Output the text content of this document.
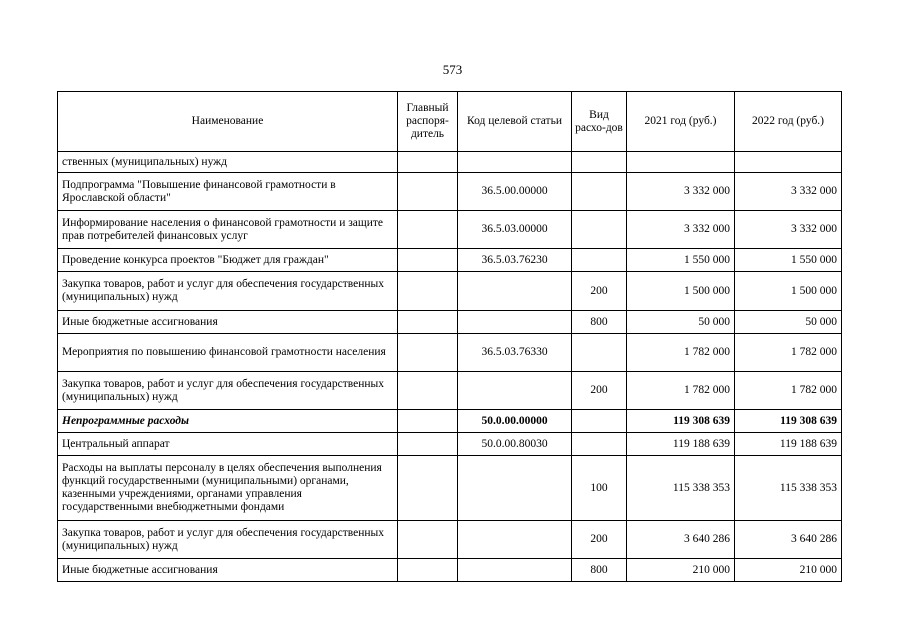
573
Наименование	Главный распоря-дитель	Код целевой статьи	Вид расхо-дов	2021 год (руб.)	2022 год (руб.)
ственных (муниципальных) нужд					
Подпрограмма "Повышение финансовой грамотности в Ярославской области"		36.5.00.00000		3 332 000	3 332 000
Информирование населения о финансовой грамотности и защите прав потребителей финансовых услуг		36.5.03.00000		3 332 000	3 332 000
Проведение конкурса проектов "Бюджет для граждан"		36.5.03.76230		1 550 000	1 550 000
Закупка товаров, работ и услуг для обеспечения государственных (муниципальных) нужд			200	1 500 000	1 500 000
Иные бюджетные ассигнования			800	50 000	50 000
Мероприятия по повышению финансовой грамотности населения		36.5.03.76330		1 782 000	1 782 000
Закупка товаров, работ и услуг для обеспечения государственных (муниципальных) нужд			200	1 782 000	1 782 000
Непрограммные расходы		50.0.00.00000		119 308 639	119 308 639
Центральный аппарат		50.0.00.80030		119 188 639	119 188 639
Расходы на выплаты персоналу в целях обеспечения выполнения функций государственными (муниципальными) органами, казенными учреждениями, органами управления государственными внебюджетными фондами			100	115 338 353	115 338 353
Закупка товаров, работ и услуг для обеспечения государственных (муниципальных) нужд			200	3 640 286	3 640 286
Иные бюджетные ассигнования			800	210 000	210 000
